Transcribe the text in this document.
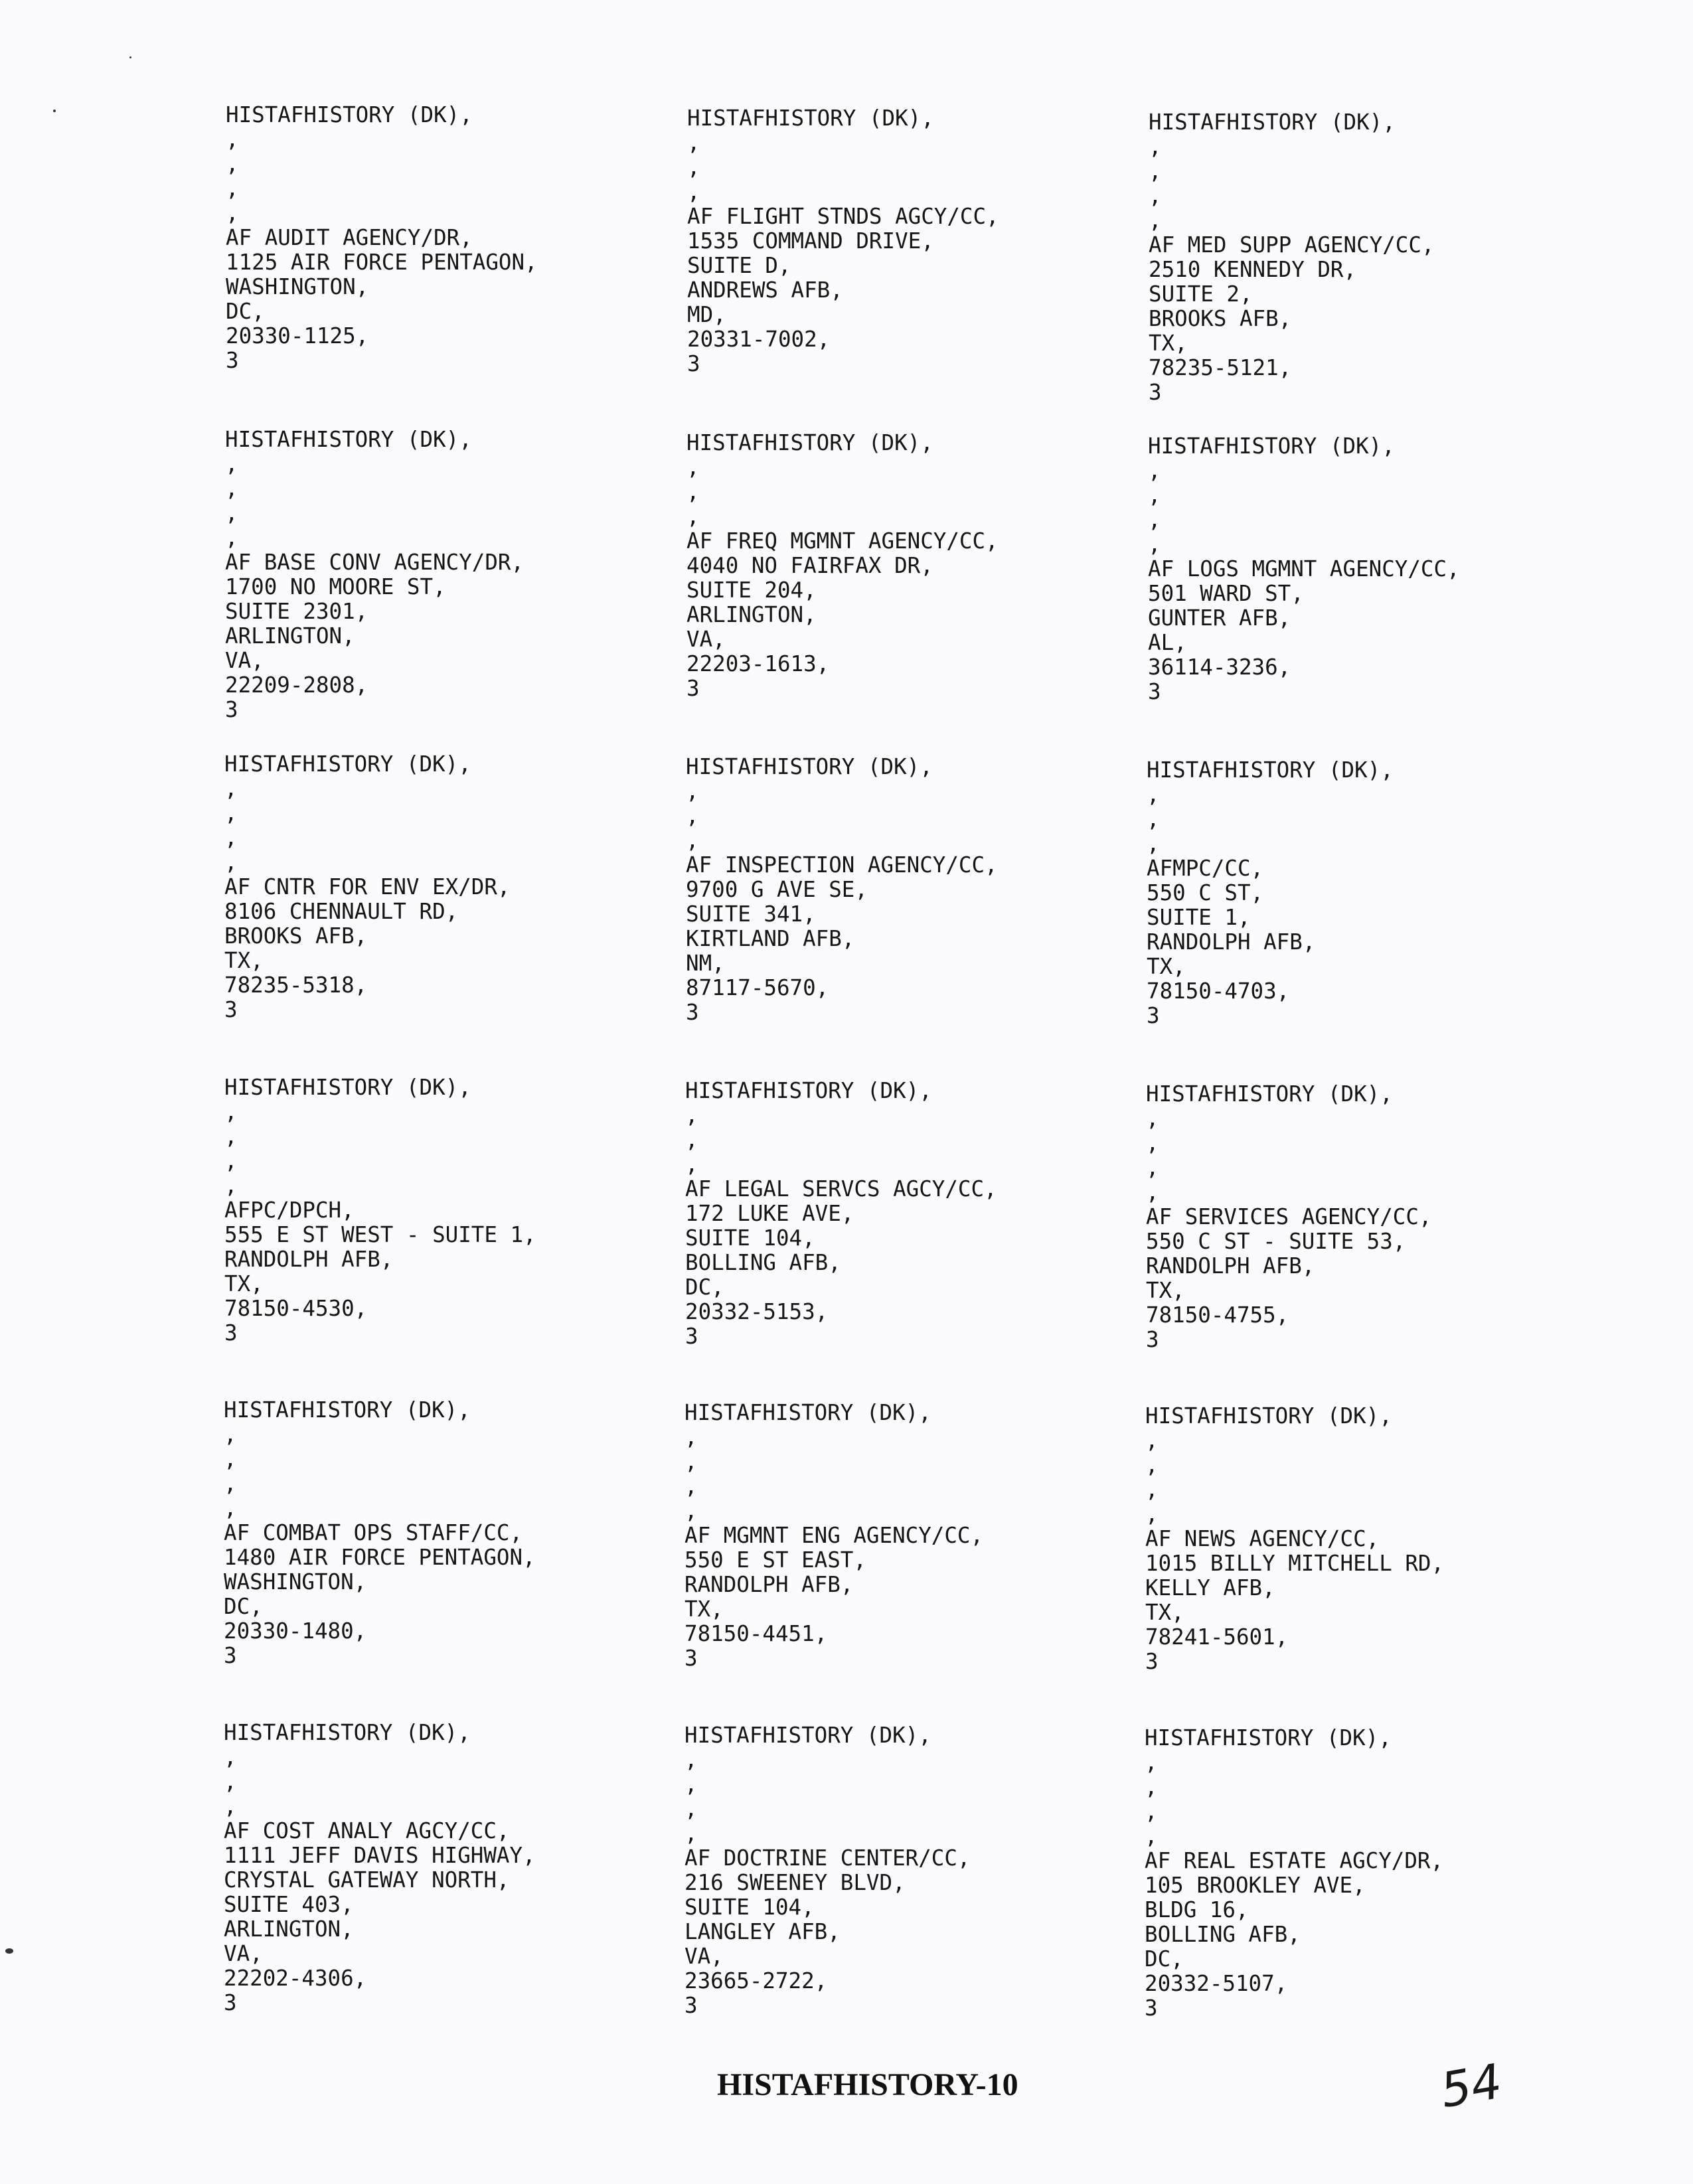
HISTAFHISTORY (DK),
,
,
,
,
AF AUDIT AGENCY/DR,
1125 AIR FORCE PENTAGON,
WASHINGTON,
DC,
20330-1125,
3
HISTAFHISTORY (DK),
,
,
,
AF FLIGHT STNDS AGCY/CC,
1535 COMMAND DRIVE,
SUITE D,
ANDREWS AFB,
MD,
20331-7002,
3
HISTAFHISTORY (DK),
,
,
,
,
AF MED SUPP AGENCY/CC,
2510 KENNEDY DR,
SUITE 2,
BROOKS AFB,
TX,
78235-5121,
3
HISTAFHISTORY (DK),
,
,
,
,
AF BASE CONV AGENCY/DR,
1700 NO MOORE ST,
SUITE 2301,
ARLINGTON,
VA,
22209-2808,
3
HISTAFHISTORY (DK),
,
,
,
AF FREQ MGMNT AGENCY/CC,
4040 NO FAIRFAX DR,
SUITE 204,
ARLINGTON,
VA,
22203-1613,
3
HISTAFHISTORY (DK),
,
,
,
,
AF LOGS MGMNT AGENCY/CC,
501 WARD ST,
GUNTER AFB,
AL,
36114-3236,
3
HISTAFHISTORY (DK),
,
,
,
,
AF CNTR FOR ENV EX/DR,
8106 CHENNAULT RD,
BROOKS AFB,
TX,
78235-5318,
3
HISTAFHISTORY (DK),
,
,
,
AF INSPECTION AGENCY/CC,
9700 G AVE SE,
SUITE 341,
KIRTLAND AFB,
NM,
87117-5670,
3
HISTAFHISTORY (DK),
,
,
,
AFMPC/CC,
550 C ST,
SUITE 1,
RANDOLPH AFB,
TX,
78150-4703,
3
HISTAFHISTORY (DK),
,
,
,
,
AFPC/DPCH,
555 E ST WEST - SUITE 1,
RANDOLPH AFB,
TX,
78150-4530,
3
HISTAFHISTORY (DK),
,
,
,
AF LEGAL SERVCS AGCY/CC,
172 LUKE AVE,
SUITE 104,
BOLLING AFB,
DC,
20332-5153,
3
HISTAFHISTORY (DK),
,
,
,
,
AF SERVICES AGENCY/CC,
550 C ST - SUITE 53,
RANDOLPH AFB,
TX,
78150-4755,
3
HISTAFHISTORY (DK),
,
,
,
,
AF COMBAT OPS STAFF/CC,
1480 AIR FORCE PENTAGON,
WASHINGTON,
DC,
20330-1480,
3
HISTAFHISTORY (DK),
,
,
,
,
AF MGMNT ENG AGENCY/CC,
550 E ST EAST,
RANDOLPH AFB,
TX,
78150-4451,
3
HISTAFHISTORY (DK),
,
,
,
,
AF NEWS AGENCY/CC,
1015 BILLY MITCHELL RD,
KELLY AFB,
TX,
78241-5601,
3
HISTAFHISTORY (DK),
,
,
,
AF COST ANALY AGCY/CC,
1111 JEFF DAVIS HIGHWAY,
CRYSTAL GATEWAY NORTH,
SUITE 403,
ARLINGTON,
VA,
22202-4306,
3
HISTAFHISTORY (DK),
,
,
,
,
AF DOCTRINE CENTER/CC,
216 SWEENEY BLVD,
SUITE 104,
LANGLEY AFB,
VA,
23665-2722,
3
HISTAFHISTORY (DK),
,
,
,
,
AF REAL ESTATE AGCY/DR,
105 BROOKLEY AVE,
BLDG 16,
BOLLING AFB,
DC,
20332-5107,
3
HISTAFHISTORY-10	54
